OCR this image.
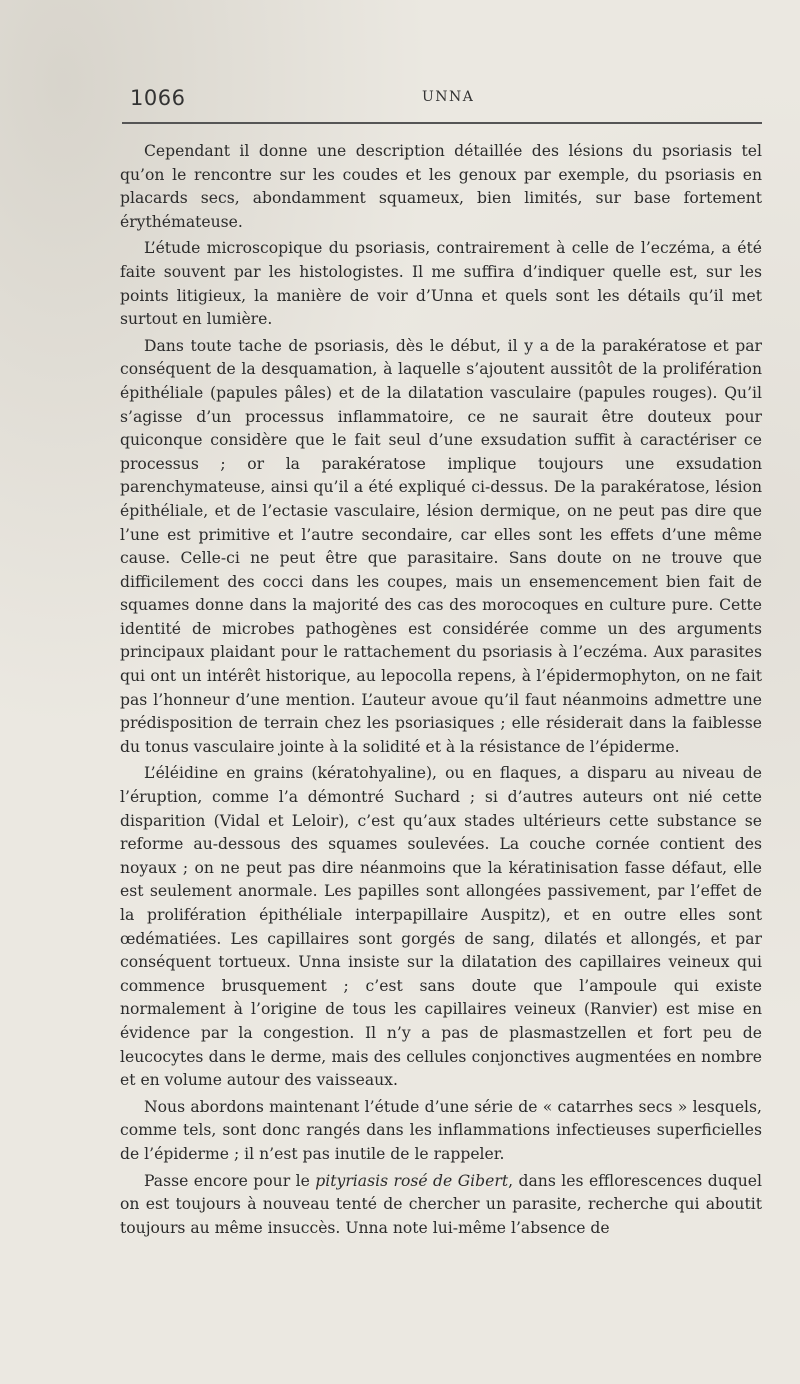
1066	UNNA

Cependant il donne une description détaillée des lésions du psoriasis tel qu’on le rencontre sur les coudes et les genoux par exemple, du psoriasis en placards secs, abondamment squameux, bien limités, sur base fortement érythémateuse.

L’étude microscopique du psoriasis, contrairement à celle de l’eczéma, a été faite souvent par les histologistes. Il me suffira d’indiquer quelle est, sur les points litigieux, la manière de voir d’Unna et quels sont les détails qu’il met surtout en lumière.

Dans toute tache de psoriasis, dès le début, il y a de la parakératose et par conséquent de la desquamation, à laquelle s’ajoutent aussitôt de la prolifération épithéliale (papules pâles) et de la dilatation vasculaire (papules rouges). Qu’il s’agisse d’un processus inflammatoire, ce ne saurait être douteux pour quiconque considère que le fait seul d’une exsudation suffit à caractériser ce processus ; or la parakératose implique toujours une exsudation parenchymateuse, ainsi qu’il a été expliqué ci-dessus. De la parakératose, lésion épithéliale, et de l’ectasie vasculaire, lésion dermique, on ne peut pas dire que l’une est primitive et l’autre secondaire, car elles sont les effets d’une même cause. Celle-ci ne peut être que parasitaire. Sans doute on ne trouve que difficilement des cocci dans les coupes, mais un ensemencement bien fait de squames donne dans la majorité des cas des morocoques en culture pure. Cette identité de microbes pathogènes est considérée comme un des arguments principaux plaidant pour le rattachement du psoriasis à l’eczéma. Aux parasites qui ont un intérêt historique, au lepocolla repens, à l’épidermophyton, on ne fait pas l’honneur d’une mention. L’auteur avoue qu’il faut néanmoins admettre une prédisposition de terrain chez les psoriasiques ; elle résiderait dans la faiblesse du tonus vasculaire jointe à la solidité et à la résistance de l’épiderme.

L’éléidine en grains (kératohyaline), ou en flaques, a disparu au niveau de l’éruption, comme l’a démontré Suchard ; si d’autres auteurs ont nié cette disparition (Vidal et Leloir), c’est qu’aux stades ultérieurs cette substance se reforme au-dessous des squames soulevées. La couche cornée contient des noyaux ; on ne peut pas dire néanmoins que la kératinisation fasse défaut, elle est seulement anormale. Les papilles sont allongées passivement, par l’effet de la prolifération épithéliale interpapillaire Auspitz), et en outre elles sont œdématiées. Les capillaires sont gorgés de sang, dilatés et allongés, et par conséquent tortueux. Unna insiste sur la dilatation des capillaires veineux qui commence brusquement ; c’est sans doute que l’ampoule qui existe normalement à l’origine de tous les capillaires veineux (Ranvier) est mise en évidence par la congestion. Il n’y a pas de plasmastzellen et fort peu de leucocytes dans le derme, mais des cellules conjonctives augmentées en nombre et en volume autour des vaisseaux.

Nous abordons maintenant l’étude d’une série de « catarrhes secs » lesquels, comme tels, sont donc rangés dans les inflammations infectieuses superficielles de l’épiderme ; il n’est pas inutile de le rappeler.

Passe encore pour le pityriasis rosé de Gibert, dans les efflorescences duquel on est toujours à nouveau tenté de chercher un parasite, recherche qui aboutit toujours au même insuccès. Unna note lui-même l’absence de
